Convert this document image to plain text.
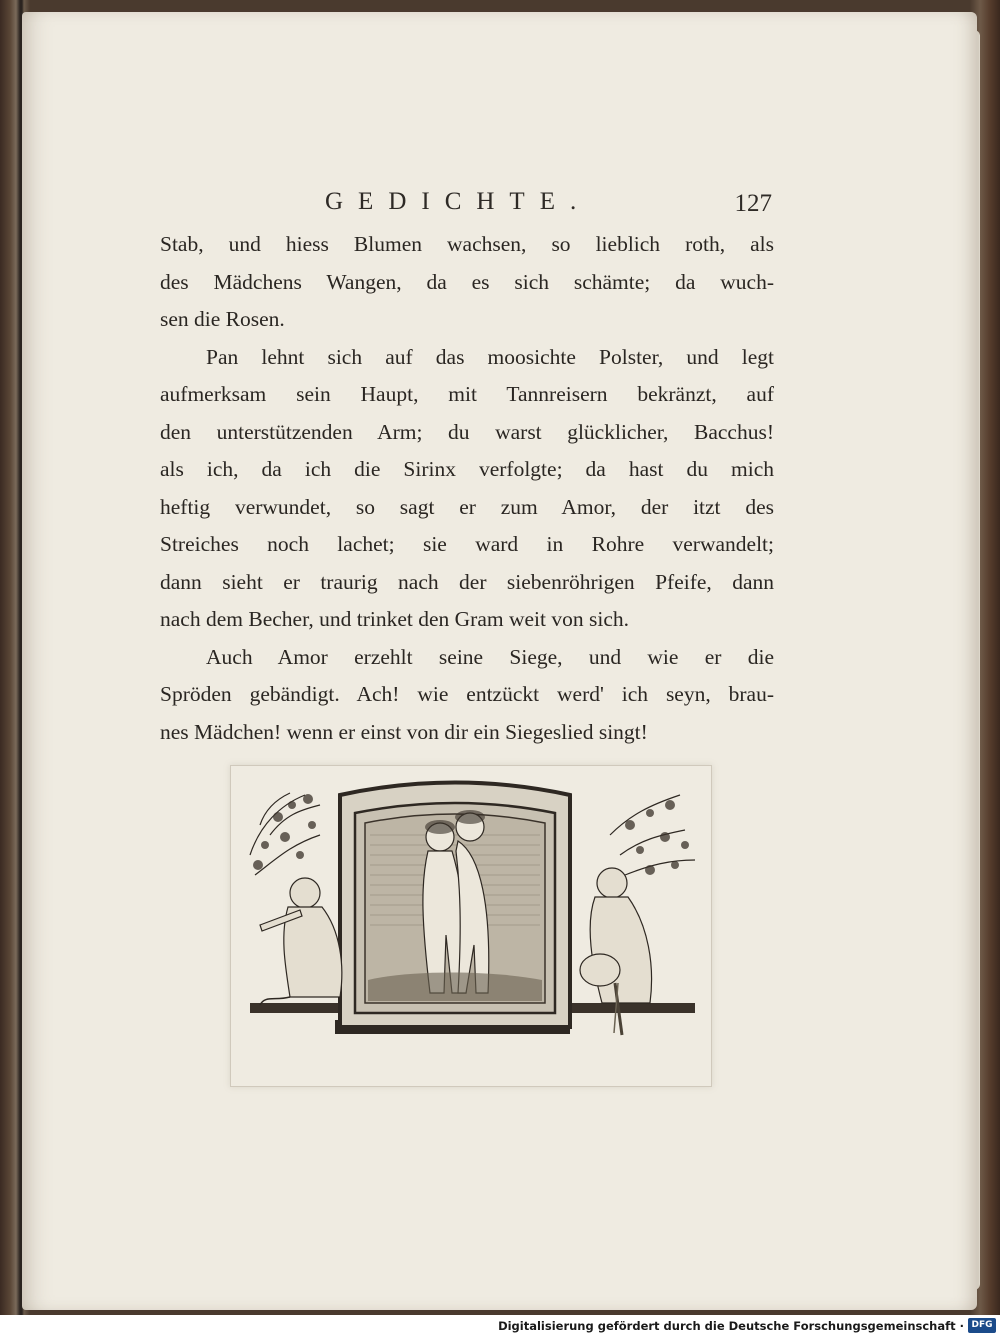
GEDICHTE.	127
Stab, und hiess Blumen wachsen, so lieblich roth, als
des Mädchens Wangen, da es sich schämte; da wuch-
sen die Rosen.
Pan lehnt sich auf das moosichte Polster, und legt
aufmerksam sein Haupt, mit Tannreisern bekränzt, auf
den unterstützenden Arm; du warst glücklicher, Bacchus!
als ich, da ich die Sirinx verfolgte; da hast du mich
heftig verwundet, so sagt er zum Amor, der itzt des
Streiches noch lachet; sie ward in Rohre verwandelt;
dann sieht er traurig nach der siebenröhrigen Pfeife, dann
nach dem Becher, und trinket den Gram weit von sich.
Auch Amor erzehlt seine Siege, und wie er die
Spröden gebändigt. Ach! wie entzückt werd' ich seyn, brau-
nes Mädchen! wenn er einst von dir ein Siegeslied singt!
Digitalisierung gefördert durch die Deutsche Forschungsgemeinschaft · DFG
